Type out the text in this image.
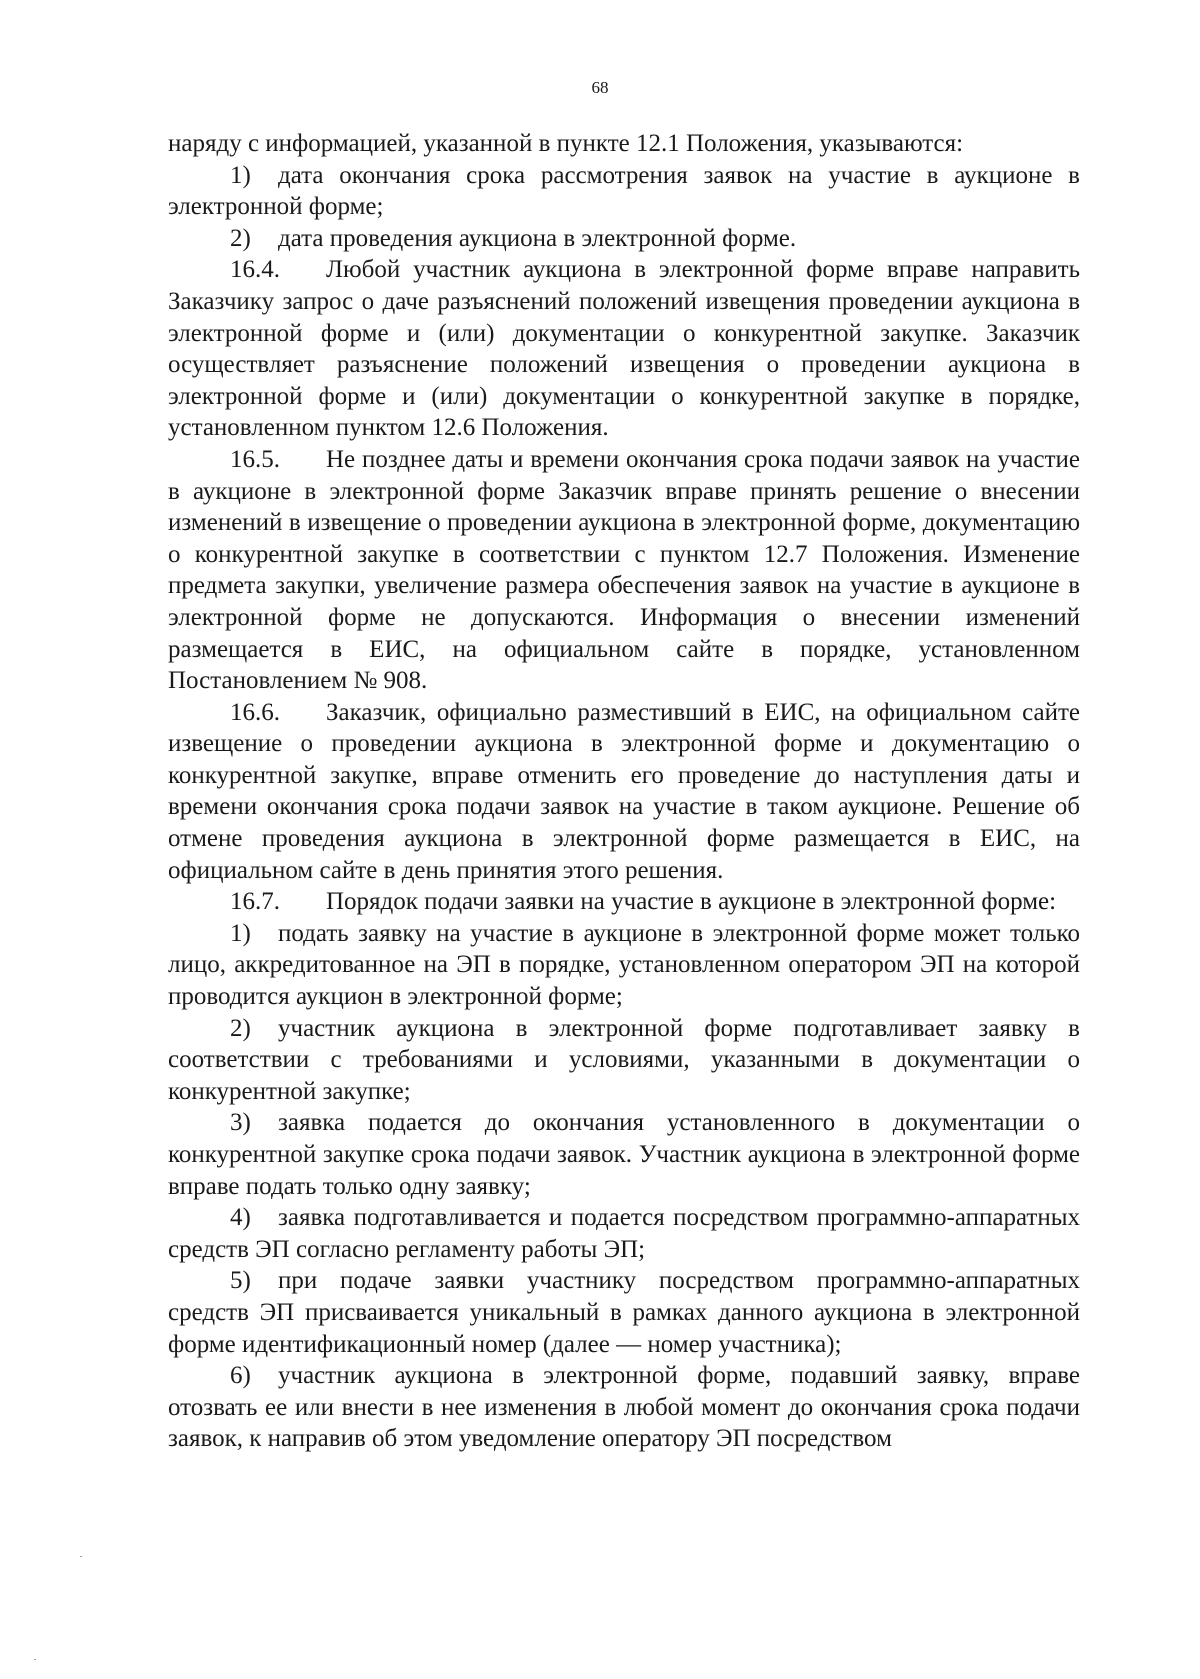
68

наряду с информацией, указанной в пункте 12.1 Положения, указываются:

1) дата окончания срока рассмотрения заявок на участие в аукционе в электронной форме;

2) дата проведения аукциона в электронной форме.

16.4. Любой участник аукциона в электронной форме вправе направить Заказчику запрос о даче разъяснений положений извещения проведении аукциона в электронной форме и (или) документации о конкурентной закупке. Заказчик осуществляет разъяснение положений извещения о проведении аукциона в электронной форме и (или) документации о конкурентной закупке в порядке, установленном пунктом 12.6 Положения.

16.5. Не позднее даты и времени окончания срока подачи заявок на участие в аукционе в электронной форме Заказчик вправе принять решение о внесении изменений в извещение о проведении аукциона в электронной форме, документацию о конкурентной закупке в соответствии с пунктом 12.7 Положения. Изменение предмета закупки, увеличение размера обеспечения заявок на участие в аукционе в электронной форме не допускаются. Информация о внесении изменений размещается в ЕИС, на официальном сайте в порядке, установленном Постановлением № 908.

16.6. Заказчик, официально разместивший в ЕИС, на официальном сайте извещение о проведении аукциона в электронной форме и документацию о конкурентной закупке, вправе отменить его проведение до наступления даты и времени окончания срока подачи заявок на участие в таком аукционе. Решение об отмене проведения аукциона в электронной форме размещается в ЕИС, на официальном сайте в день принятия этого решения.

16.7. Порядок подачи заявки на участие в аукционе в электронной форме:

1) подать заявку на участие в аукционе в электронной форме может только лицо, аккредитованное на ЭП в порядке, установленном оператором ЭП на которой проводится аукцион в электронной форме;

2) участник аукциона в электронной форме подготавливает заявку в соответствии с требованиями и условиями, указанными в документации о конкурентной закупке;

3) заявка подается до окончания установленного в документации о конкурентной закупке срока подачи заявок. Участник аукциона в электронной форме вправе подать только одну заявку;

4) заявка подготавливается и подается посредством программно-аппаратных средств ЭП согласно регламенту работы ЭП;

5) при подаче заявки участнику посредством программно-аппаратных средств ЭП присваивается уникальный в рамках данного аукциона в электронной форме идентификационный номер (далее — номер участника);

6) участник аукциона в электронной форме, подавший заявку, вправе отозвать ее или внести в нее изменения в любой момент до окончания срока подачи заявок, к направив об этом уведомление оператору ЭП посредством
